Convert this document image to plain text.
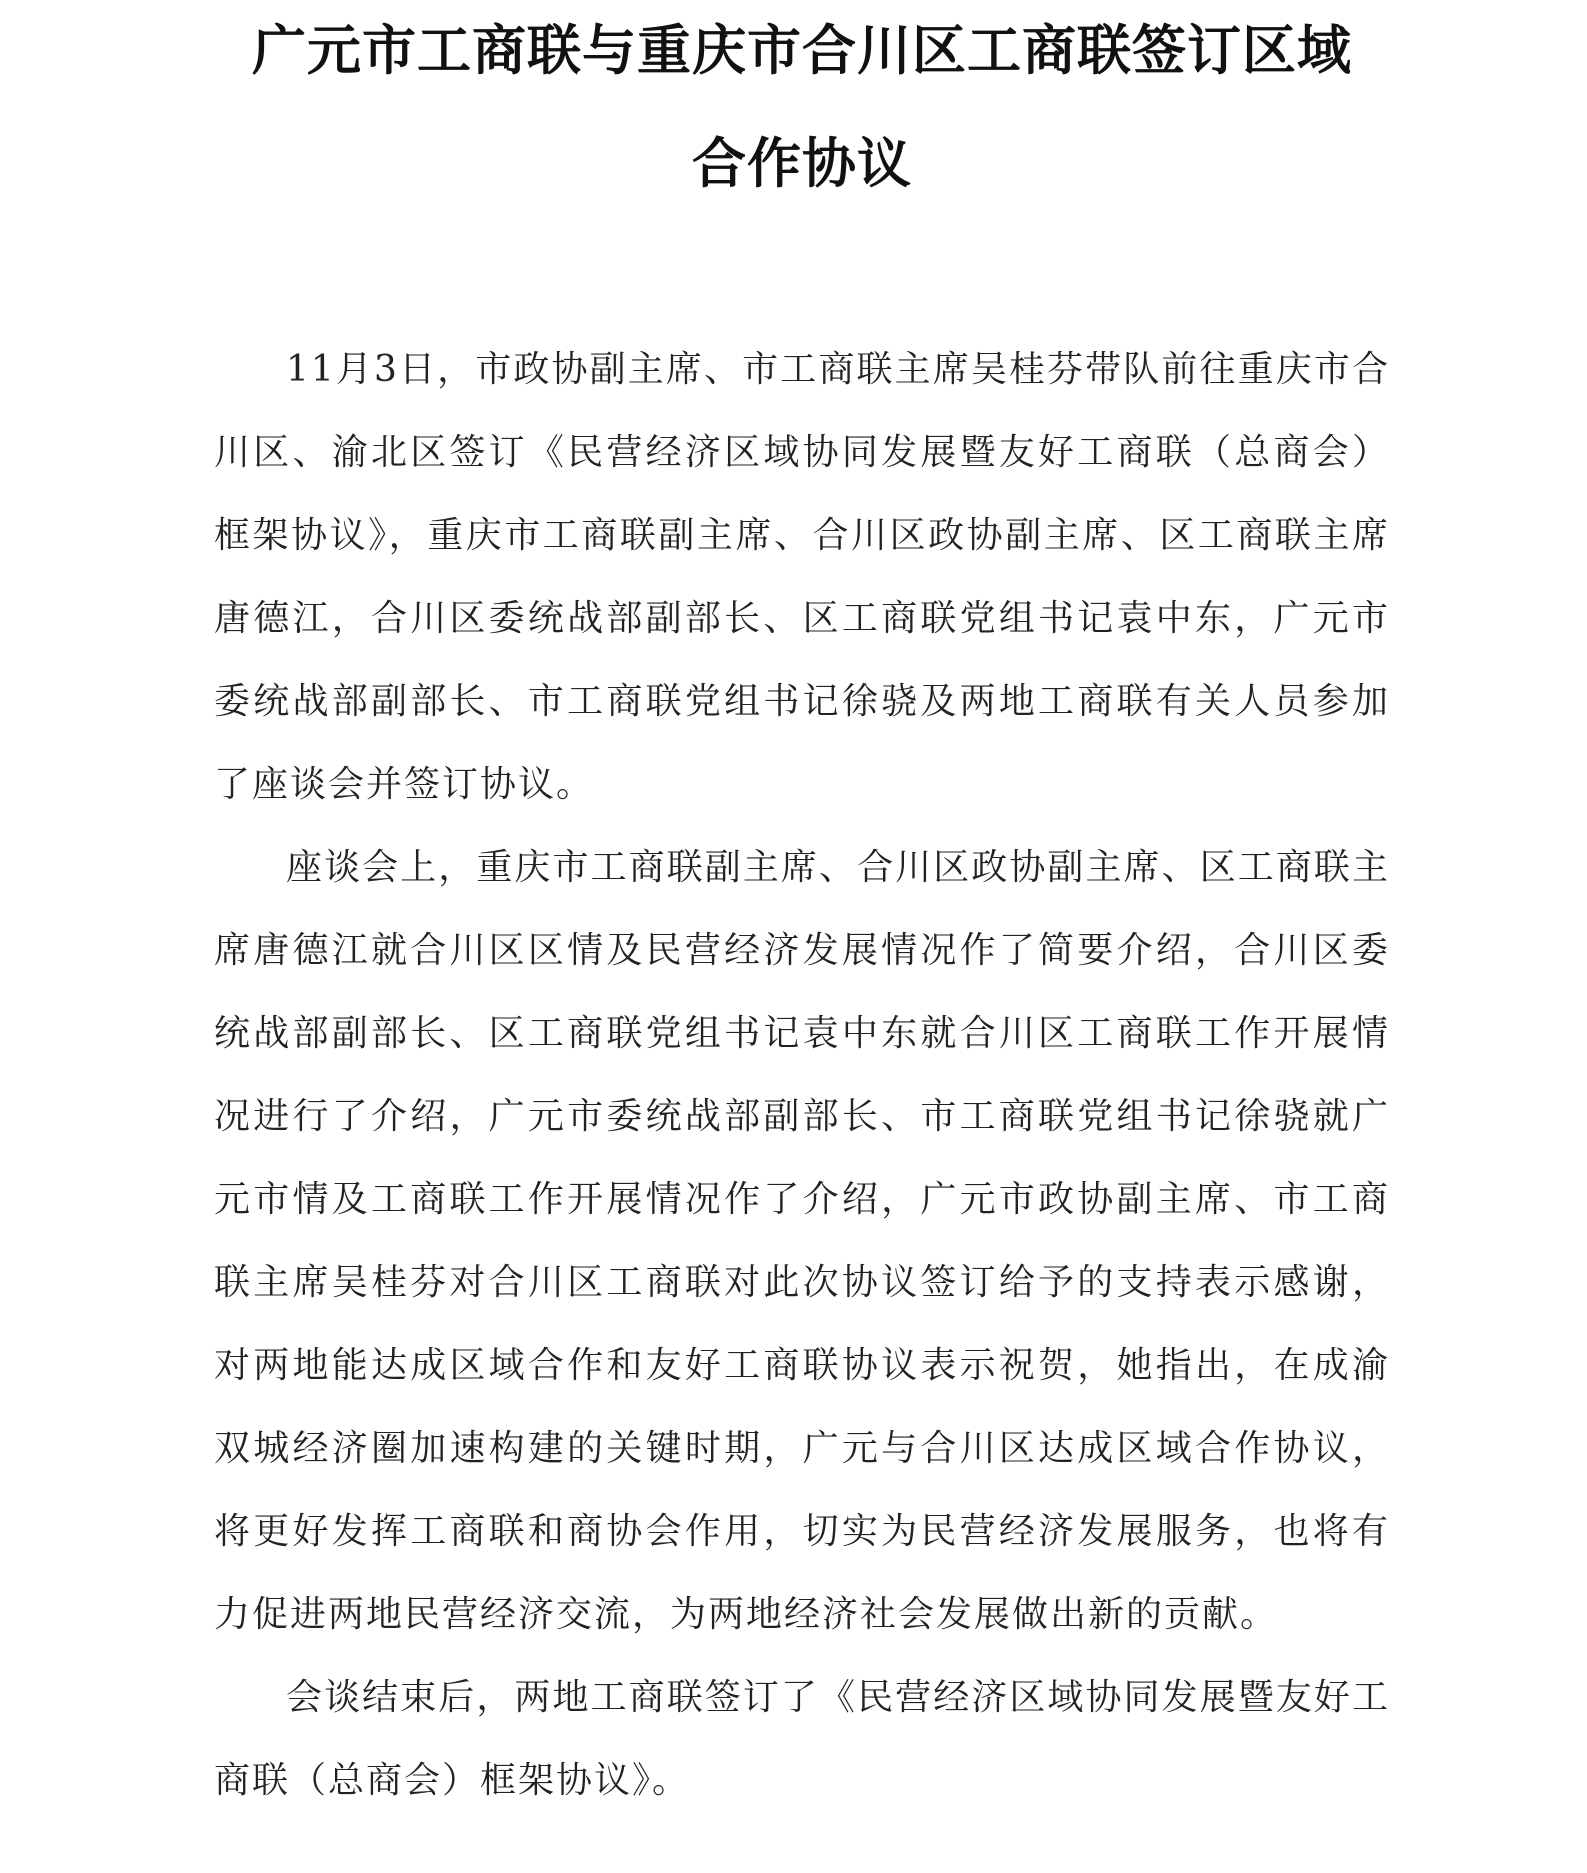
广元市工商联与重庆市合川区工商联签订区域
合作协议

11月3日，市政协副主席、市工商联主席吴桂芬带队前往重庆市合川区、渝北区签订《民营经济区域协同发展暨友好工商联（总商会）框架协议》，重庆市工商联副主席、合川区政协副主席、区工商联主席唐德江，合川区委统战部副部长、区工商联党组书记袁中东，广元市委统战部副部长、市工商联党组书记徐骁及两地工商联有关人员参加了座谈会并签订协议。

座谈会上，重庆市工商联副主席、合川区政协副主席、区工商联主席唐德江就合川区区情及民营经济发展情况作了简要介绍，合川区委统战部副部长、区工商联党组书记袁中东就合川区工商联工作开展情况进行了介绍，广元市委统战部副部长、市工商联党组书记徐骁就广元市情及工商联工作开展情况作了介绍，广元市政协副主席、市工商联主席吴桂芬对合川区工商联对此次协议签订给予的支持表示感谢，对两地能达成区域合作和友好工商联协议表示祝贺，她指出，在成渝双城经济圈加速构建的关键时期，广元与合川区达成区域合作协议，将更好发挥工商联和商协会作用，切实为民营经济发展服务，也将有力促进两地民营经济交流，为两地经济社会发展做出新的贡献。

会谈结束后，两地工商联签订了《民营经济区域协同发展暨友好工商联（总商会）框架协议》。
